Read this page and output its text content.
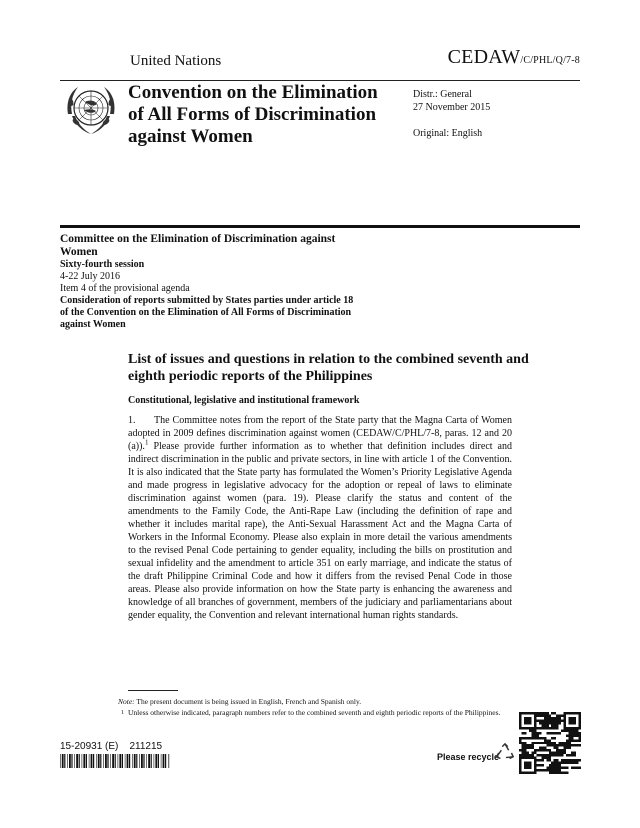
United Nations	CEDAW/C/PHL/Q/7-8
Convention on the Elimination of All Forms of Discrimination against Women
Distr.: General
27 November 2015
Original: English
Committee on the Elimination of Discrimination against Women
Sixty-fourth session
4-22 July 2016
Item 4 of the provisional agenda
Consideration of reports submitted by States parties under article 18 of the Convention on the Elimination of All Forms of Discrimination against Women
List of issues and questions in relation to the combined seventh and eighth periodic reports of the Philippines
Constitutional, legislative and institutional framework
1. The Committee notes from the report of the State party that the Magna Carta of Women adopted in 2009 defines discrimination against women (CEDAW/C/PHL/7-8, paras. 12 and 20 (a)).$^1$ Please provide further information as to whether that definition includes direct and indirect discrimination in the public and private sectors, in line with article 1 of the Convention. It is also indicated that the State party has formulated the Women’s Priority Legislative Agenda and made progress in legislative advocacy for the adoption or repeal of laws to eliminate discrimination against women (para. 19). Please clarify the status and content of the amendments to the Family Code, the Anti-Rape Law (including the definition of rape and whether it includes marital rape), the Anti-Sexual Harassment Act and the Magna Carta of Workers in the Informal Economy. Please also explain in more detail the various amendments to the revised Penal Code pertaining to gender equality, including the bills on prostitution and sexual infidelity and the amendment to article 351 on early marriage, and indicate the status of the draft Philippine Criminal Code and how it differs from the revised Penal Code in those areas. Please also provide information on how the State party is enhancing the awareness and knowledge of all branches of government, members of the judiciary and parliamentarians about gender equality, the Convention and relevant international human rights standards.
Note: The present document is being issued in English, French and Spanish only.
1 Unless otherwise indicated, paragraph numbers refer to the combined seventh and eighth periodic reports of the Philippines.
15-20931 (E)    211215
Please recycle
